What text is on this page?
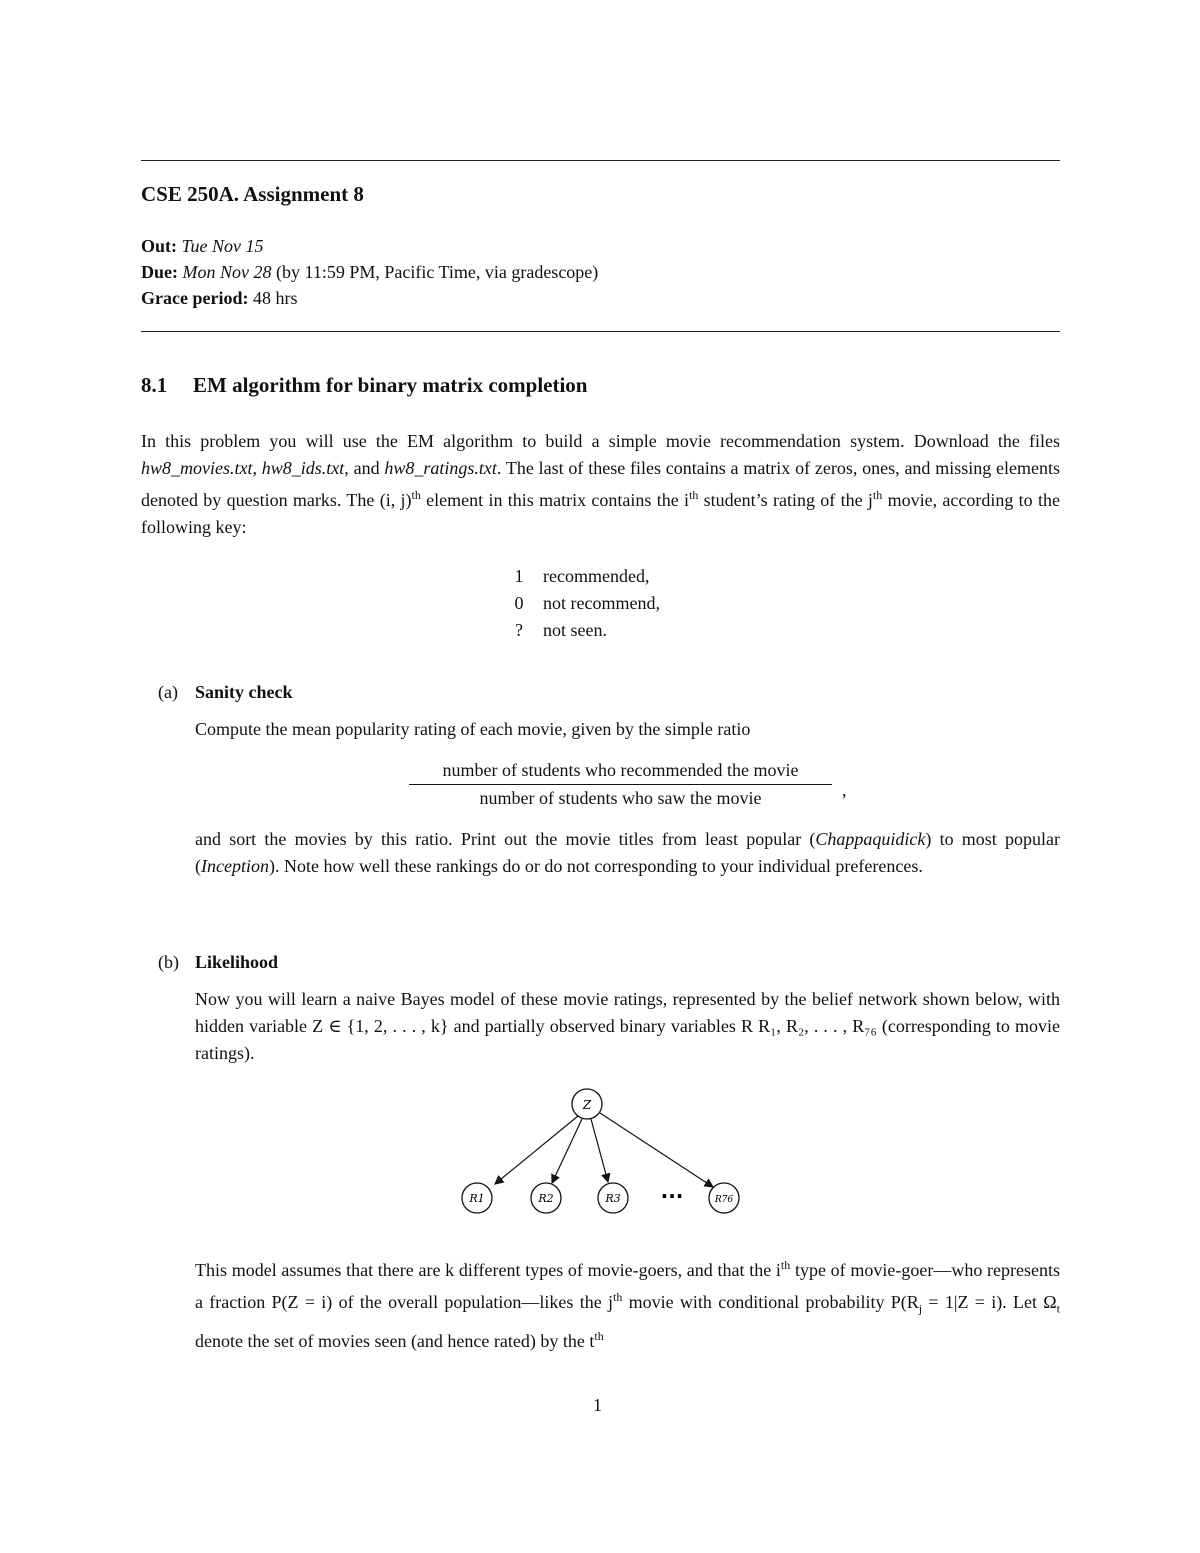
CSE 250A. Assignment 8
Out: Tue Nov 15
Due: Mon Nov 28 (by 11:59 PM, Pacific Time, via gradescope)
Grace period: 48 hrs
8.1 EM algorithm for binary matrix completion
In this problem you will use the EM algorithm to build a simple movie recommendation system. Download the files hw8_movies.txt, hw8_ids.txt, and hw8_ratings.txt. The last of these files contains a matrix of zeros, ones, and missing elements denoted by question marks. The (i, j)$^{th}$ element in this matrix contains the $i^{th}$ student’s rating of the $j^{th}$ movie, according to the following key:
1 recommended,
0 not recommend,
? not seen.
(a) Sanity check
Compute the mean popularity rating of each movie, given by the simple ratio
number of students who recommended the movie
number of students who saw the movie	,
and sort the movies by this ratio. Print out the movie titles from least popular (Chappaquidick) to most popular (Inception). Note how well these rankings do or do not corresponding to your individual preferences.
(b) Likelihood
Now you will learn a naive Bayes model of these movie ratings, represented by the belief network shown below, with hidden variable Z ∈ {1, 2, . . . , k} and partially observed binary variables R R₁, R₂, . . . , R₇₆ (corresponding to movie ratings).
Z
R1	R2	R3 ···	R76
This model assumes that there are k different types of movie-goers, and that the $i^{th}$ type of movie-goer—who represents a fraction P(Z = i) of the overall population—likes the $j^{th}$ movie with conditional probability $P(R_j = 1|Z = i)$. Let $\Omega_t$ denote the set of movies seen (and hence rated) by the $t^{th}$
1
